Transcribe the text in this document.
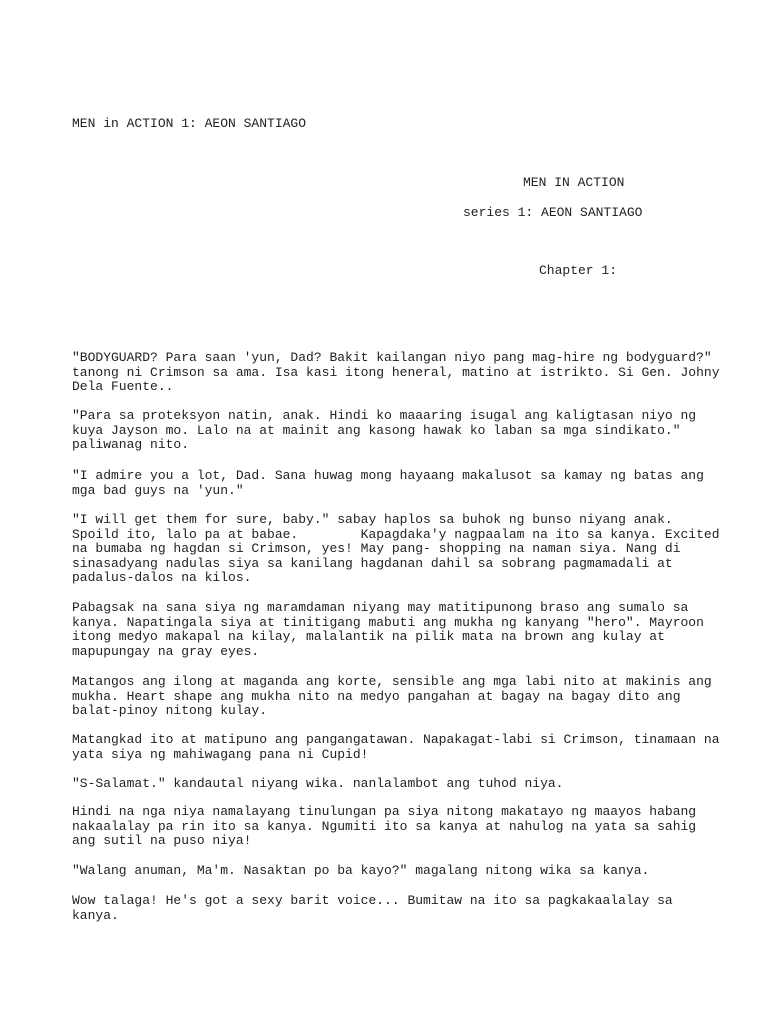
MEN in ACTION 1: AEON SANTIAGO
MEN IN ACTION
series 1: AEON SANTIAGO
Chapter 1:

"BODYGUARD? Para saan 'yun, Dad? Bakit kailangan niyo pang mag-hire ng bodyguard?"
tanong ni Crimson sa ama. Isa kasi itong heneral, matino at istrikto. Si Gen. Johny
Dela Fuente..

"Para sa proteksyon natin, anak. Hindi ko maaaring isugal ang kaligtasan niyo ng
kuya Jayson mo. Lalo na at mainit ang kasong hawak ko laban sa mga sindikato."
paliwanag nito.

"I admire you a lot, Dad. Sana huwag mong hayaang makalusot sa kamay ng batas ang
mga bad guys na 'yun."

"I will get them for sure, baby." sabay haplos sa buhok ng bunso niyang anak.
Spoild ito, lalo pa at babae.        Kapagdaka'y nagpaalam na ito sa kanya. Excited
na bumaba ng hagdan si Crimson, yes! May pang- shopping na naman siya. Nang di
sinasadyang nadulas siya sa kanilang hagdanan dahil sa sobrang pagmamadali at
padalus-dalos na kilos.

Pabagsak na sana siya ng maramdaman niyang may matitipunong braso ang sumalo sa
kanya. Napatingala siya at tinitigang mabuti ang mukha ng kanyang "hero". Mayroon
itong medyo makapal na kilay, malalantik na pilik mata na brown ang kulay at
mapupungay na gray eyes.

Matangos ang ilong at maganda ang korte, sensible ang mga labi nito at makinis ang
mukha. Heart shape ang mukha nito na medyo pangahan at bagay na bagay dito ang
balat-pinoy nitong kulay.

Matangkad ito at matipuno ang pangangatawan. Napakagat-labi si Crimson, tinamaan na
yata siya ng mahiwagang pana ni Cupid!

"S-Salamat." kandautal niyang wika. nanlalambot ang tuhod niya.

Hindi na nga niya namalayang tinulungan pa siya nitong makatayo ng maayos habang
nakaalalay pa rin ito sa kanya. Ngumiti ito sa kanya at nahulog na yata sa sahig
ang sutil na puso niya!

"Walang anuman, Ma'm. Nasaktan po ba kayo?" magalang nitong wika sa kanya.

Wow talaga! He's got a sexy barit voice... Bumitaw na ito sa pagkakaalalay sa
kanya.
